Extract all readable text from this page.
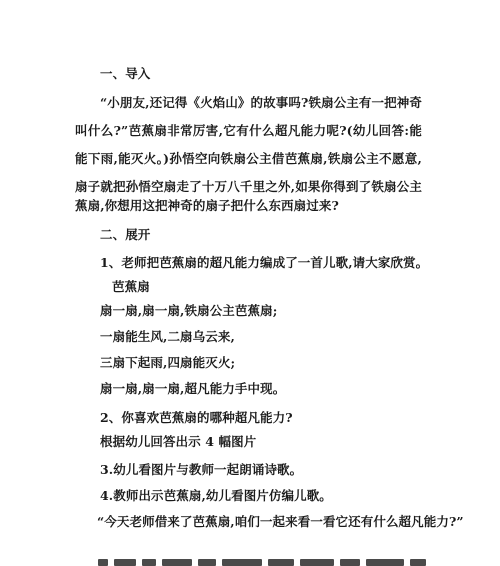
一、导入
“小朋友,还记得《火焰山》的故事吗?铁扇公主有一把神奇
叫什么?”芭蕉扇非常厉害,它有什么超凡能力呢?(幼儿回答:能
能下雨,能灭火。)孙悟空向铁扇公主借芭蕉扇,铁扇公主不愿意,
扇子就把孙悟空扇走了十万八千里之外,如果你得到了铁扇公主
蕉扇,你想用这把神奇的扇子把什么东西扇过来?
二、展开
1、老师把芭蕉扇的超凡能力编成了一首儿歌,请大家欣赏。
芭蕉扇
扇一扇,扇一扇,铁扇公主芭蕉扇;
一扇能生风,二扇乌云来,
三扇下起雨,四扇能灭火;
扇一扇,扇一扇,超凡能力手中现。
2、你喜欢芭蕉扇的哪种超凡能力?
根据幼儿回答出示 4 幅图片
3.幼儿看图片与教师一起朗诵诗歌。
4.教师出示芭蕉扇,幼儿看图片仿编儿歌。
“今天老师借来了芭蕉扇,咱们一起来看一看它还有什么超凡能力?”
